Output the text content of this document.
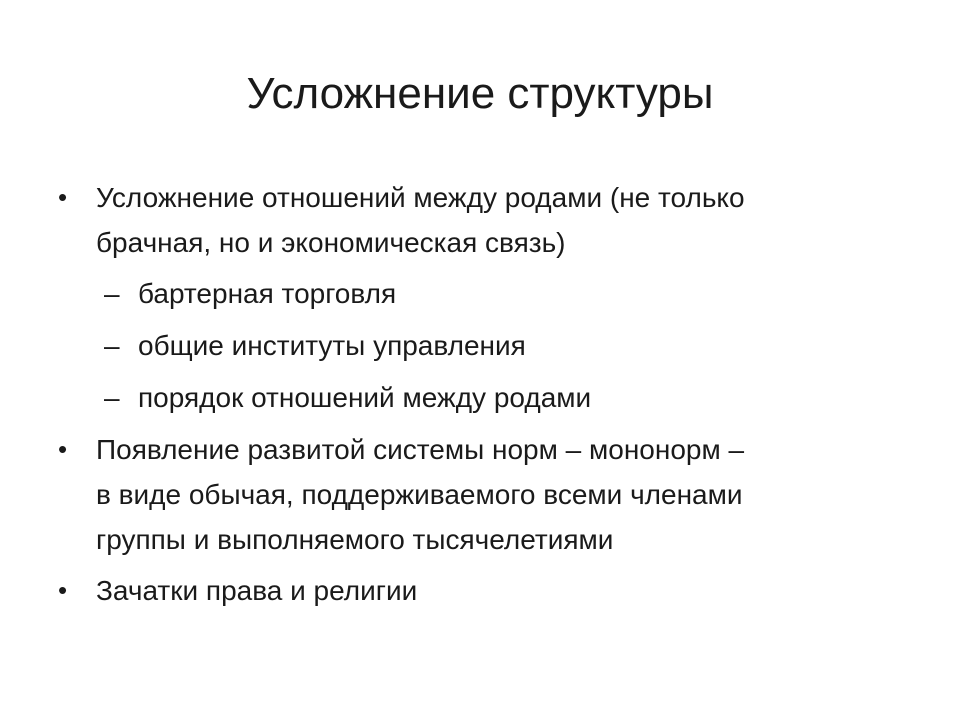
Усложнение структуры
• Усложнение отношений между родами (не только
брачная, но и экономическая связь)
– бартерная торговля
– общие институты управления
– порядок отношений между родами
• Появление развитой системы норм – мононорм –
в виде обычая, поддерживаемого всеми членами
группы и выполняемого тысячелетиями
• Зачатки права и религии
